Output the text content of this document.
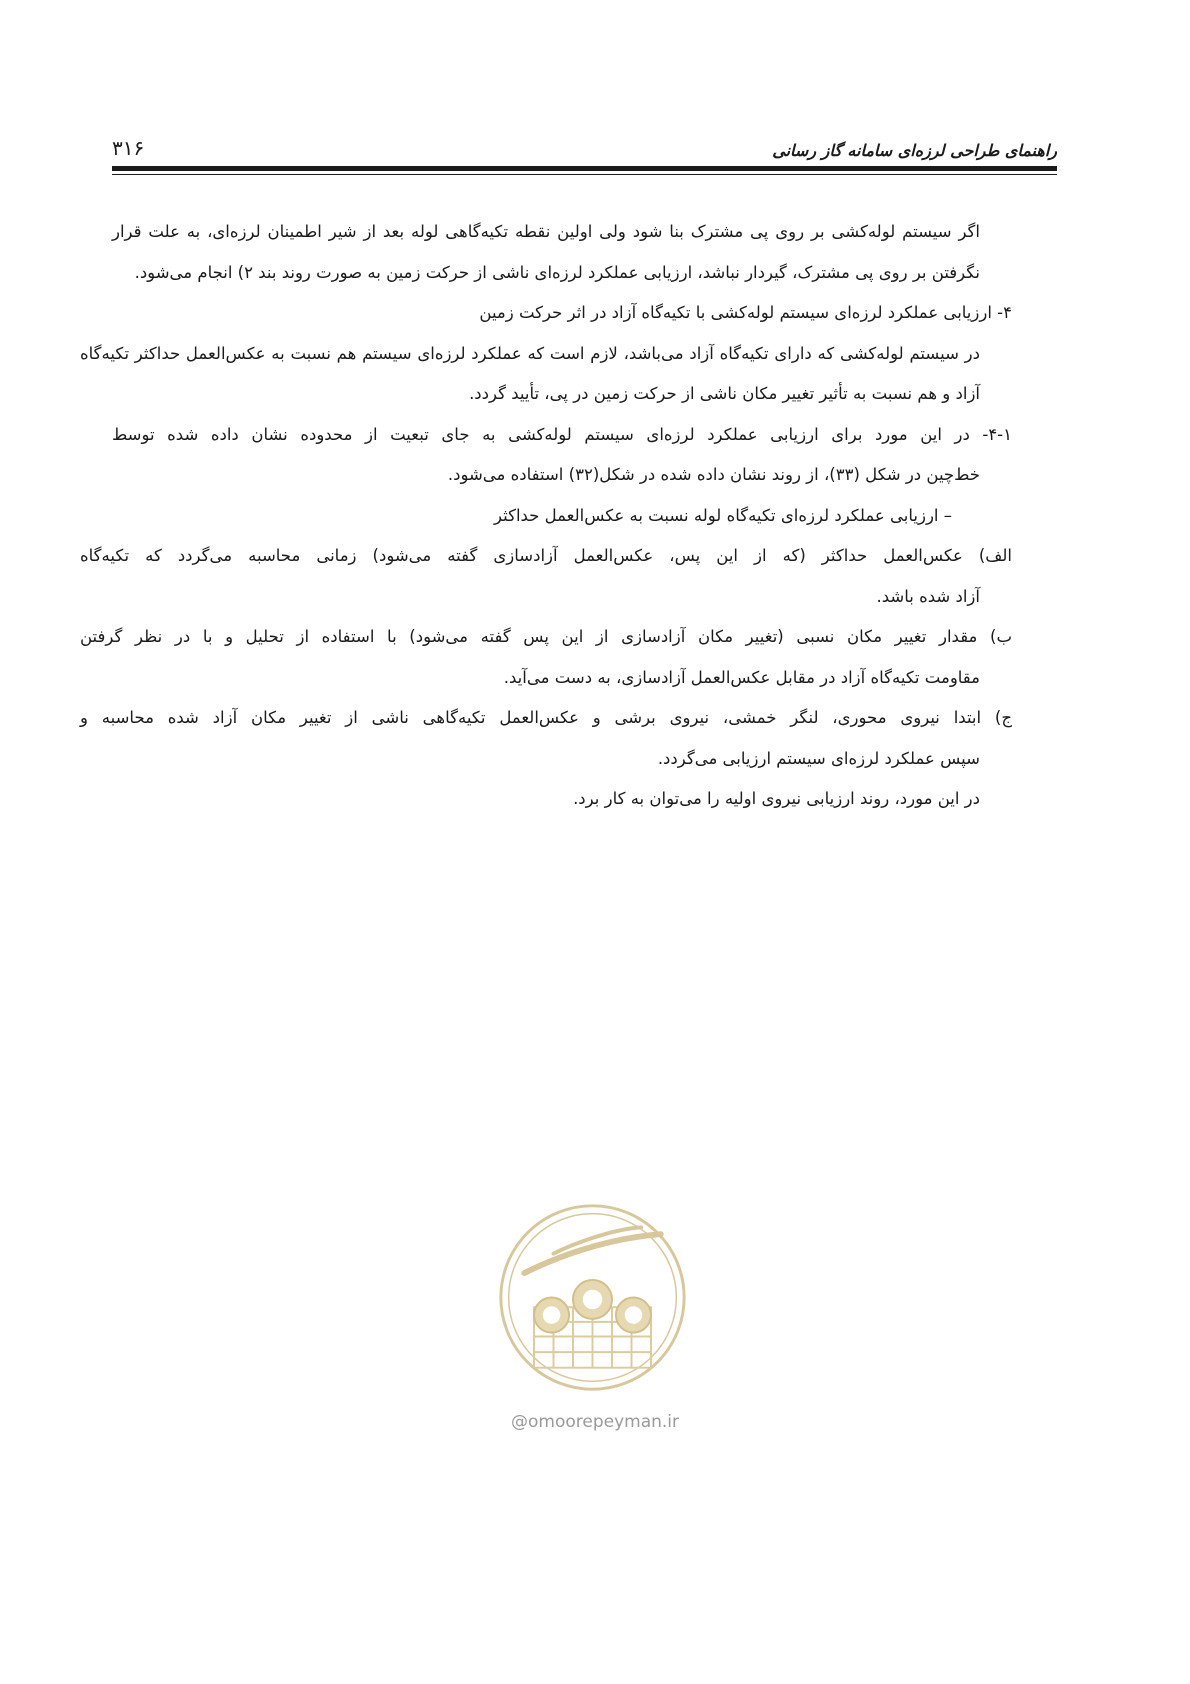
۳۱۶	راهنمای طراحی لرزه‌ای سامانه گاز رسانی

اگر سیستم لوله‌کشی بر روی پی مشترک بنا شود ولی اولین نقطه تکیه‌گاهی لوله بعد از شیر اطمینان لرزه‌ای، به علت قرار نگرفتن بر روی پی مشترک، گیردار نباشد، ارزیابی عملکرد لرزه‌ای ناشی از حرکت زمین به صورت روند بند ۲) انجام می‌شود.

۴- ارزیابی عملکرد لرزه‌ای سیستم لوله‌کشی با تکیه‌گاه آزاد در اثر حرکت زمین

در سیستم لوله‌کشی که دارای تکیه‌گاه آزاد می‌باشد، لازم است که عملکرد لرزه‌ای سیستم هم نسبت به عکس‌العمل حداکثر تکیه‌گاه آزاد و هم نسبت به تأثیر تغییر مکان ناشی از حرکت زمین در پی، تأیید گردد.

۴-۱- در این مورد برای ارزیابی عملکرد لرزه‌ای سیستم لوله‌کشی به جای تبعیت از محدوده نشان داده شده توسط

خط‌چین در شکل (۳۳)، از روند نشان داده شده در شکل(۳۲) استفاده می‌شود.

– ارزیابی عملکرد لرزه‌ای تکیه‌گاه لوله نسبت به عکس‌العمل حداکثر

الف) عکس‌العمل حداکثر (که از این پس، عکس‌العمل آزادسازی گفته می‌شود) زمانی محاسبه می‌گردد که تکیه‌گاه

آزاد شده باشد.

ب) مقدار تغییر مکان نسبی (تغییر مکان آزادسازی از این پس گفته می‌شود) با استفاده از تحلیل و با در نظر گرفتن

مقاومت تکیه‌گاه آزاد در مقابل عکس‌العمل آزادسازی، به دست می‌آید.

ج) ابتدا نیروی محوری، لنگر خمشی، نیروی برشی و عکس‌العمل تکیه‌گاهی ناشی از تغییر مکان آزاد شده محاسبه و

سپس عملکرد لرزه‌ای سیستم ارزیابی می‌گردد.

در این مورد، روند ارزیابی نیروی اولیه را می‌توان به کار برد.

@omoorepeyman.ir
